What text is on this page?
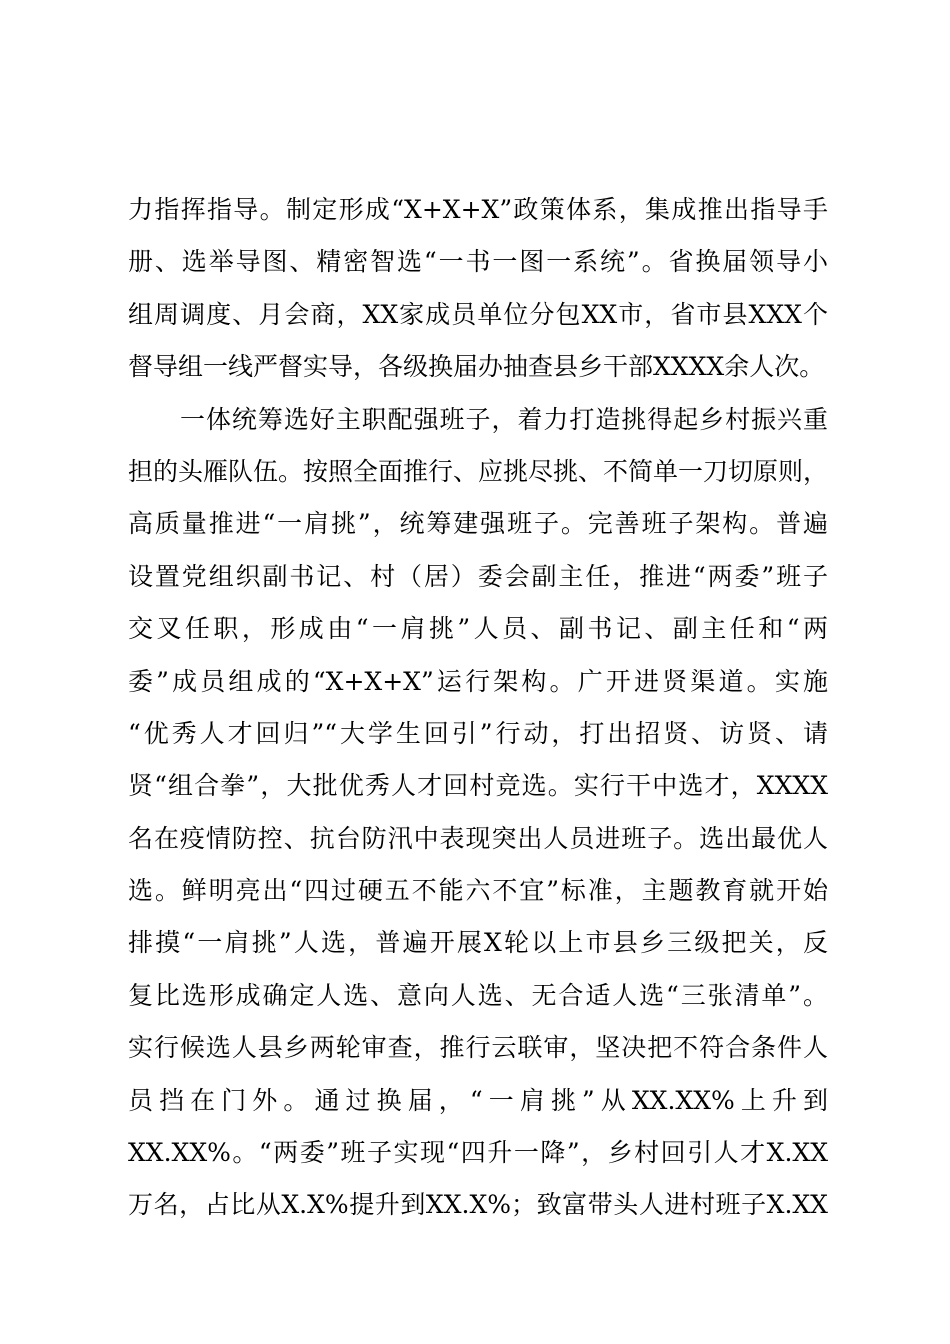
力指挥指导。制定形成“X+X+X”政策体系，集成推出指导手
册、选举导图、精密智选“一书一图一系统”。省换届领导小
组周调度、月会商，XX家成员单位分包XX市，省市县XXX个
督导组一线严督实导，各级换届办抽查县乡干部XXXX余人次。
一体统筹选好主职配强班子，着力打造挑得起乡村振兴重
担的头雁队伍。按照全面推行、应挑尽挑、不简单一刀切原则，
高质量推进“一肩挑”，统筹建强班子。完善班子架构。普遍
设置党组织副书记、村（居）委会副主任，推进“两委”班子
交叉任职，形成由“一肩挑”人员、副书记、副主任和“两
委”成员组成的“X+X+X”运行架构。广开进贤渠道。实施
“优秀人才回归”“大学生回引”行动，打出招贤、访贤、请
贤“组合拳”，大批优秀人才回村竞选。实行干中选才，XXXX
名在疫情防控、抗台防汛中表现突出人员进班子。选出最优人
选。鲜明亮出“四过硬五不能六不宜”标准，主题教育就开始
排摸“一肩挑”人选，普遍开展X轮以上市县乡三级把关，反
复比选形成确定人选、意向人选、无合适人选“三张清单”。
实行候选人县乡两轮审查，推行云联审，坚决把不符合条件人
员挡在门外。通过换届，“一肩挑”从XX.XX%上升到
XX.XX%。“两委”班子实现“四升一降”，乡村回引人才X.XX
万名，占比从X.X%提升到XX.X%；致富带头人进村班子X.XX
